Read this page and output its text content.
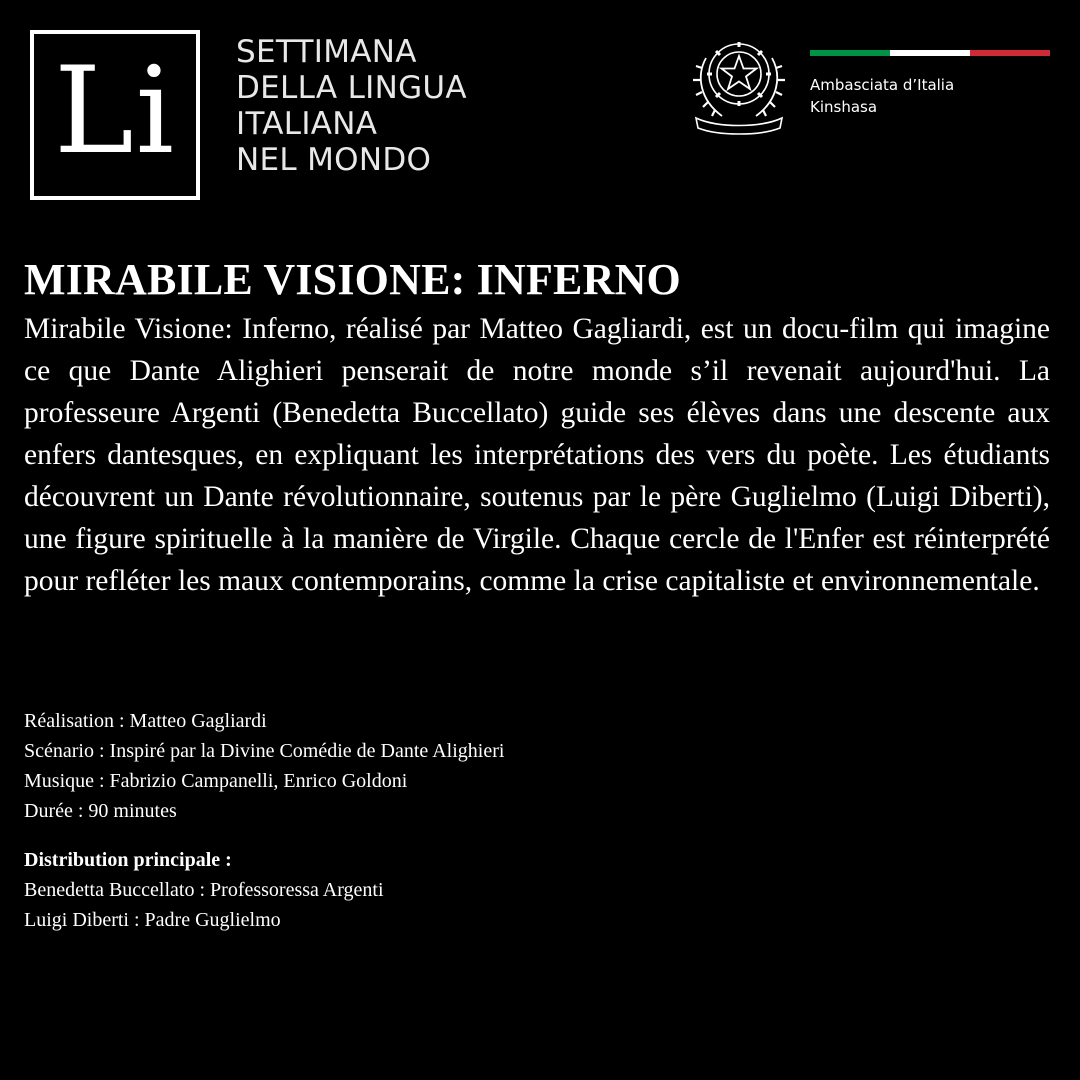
Li	SETTIMANA
DELLA LINGUA
ITALIANA
NEL MONDO
Ambasciata d’Italia
Kinshasa
MIRABILE VISIONE: INFERNO

Mirabile Visione: Inferno, réalisé par Matteo Gagliardi, est un docu-film qui imagine ce que Dante Alighieri penserait de notre monde s’il revenait aujourd'hui. La professeure Argenti (Benedetta Buccellato) guide ses élèves dans une descente aux enfers dantesques, en expliquant les interprétations des vers du poète. Les étudiants découvrent un Dante révolutionnaire, soutenus par le père Guglielmo (Luigi Diberti), une figure spirituelle à la manière de Virgile. Chaque cercle de l'Enfer est réinterprété pour refléter les maux contemporains, comme la crise capitaliste et environnementale.

Réalisation : Matteo Gagliardi
Scénario : Inspiré par la Divine Comédie de Dante Alighieri
Musique : Fabrizio Campanelli, Enrico Goldoni
Durée : 90 minutes
Distribution principale :
Benedetta Buccellato : Professoressa Argenti
Luigi Diberti : Padre Guglielmo
